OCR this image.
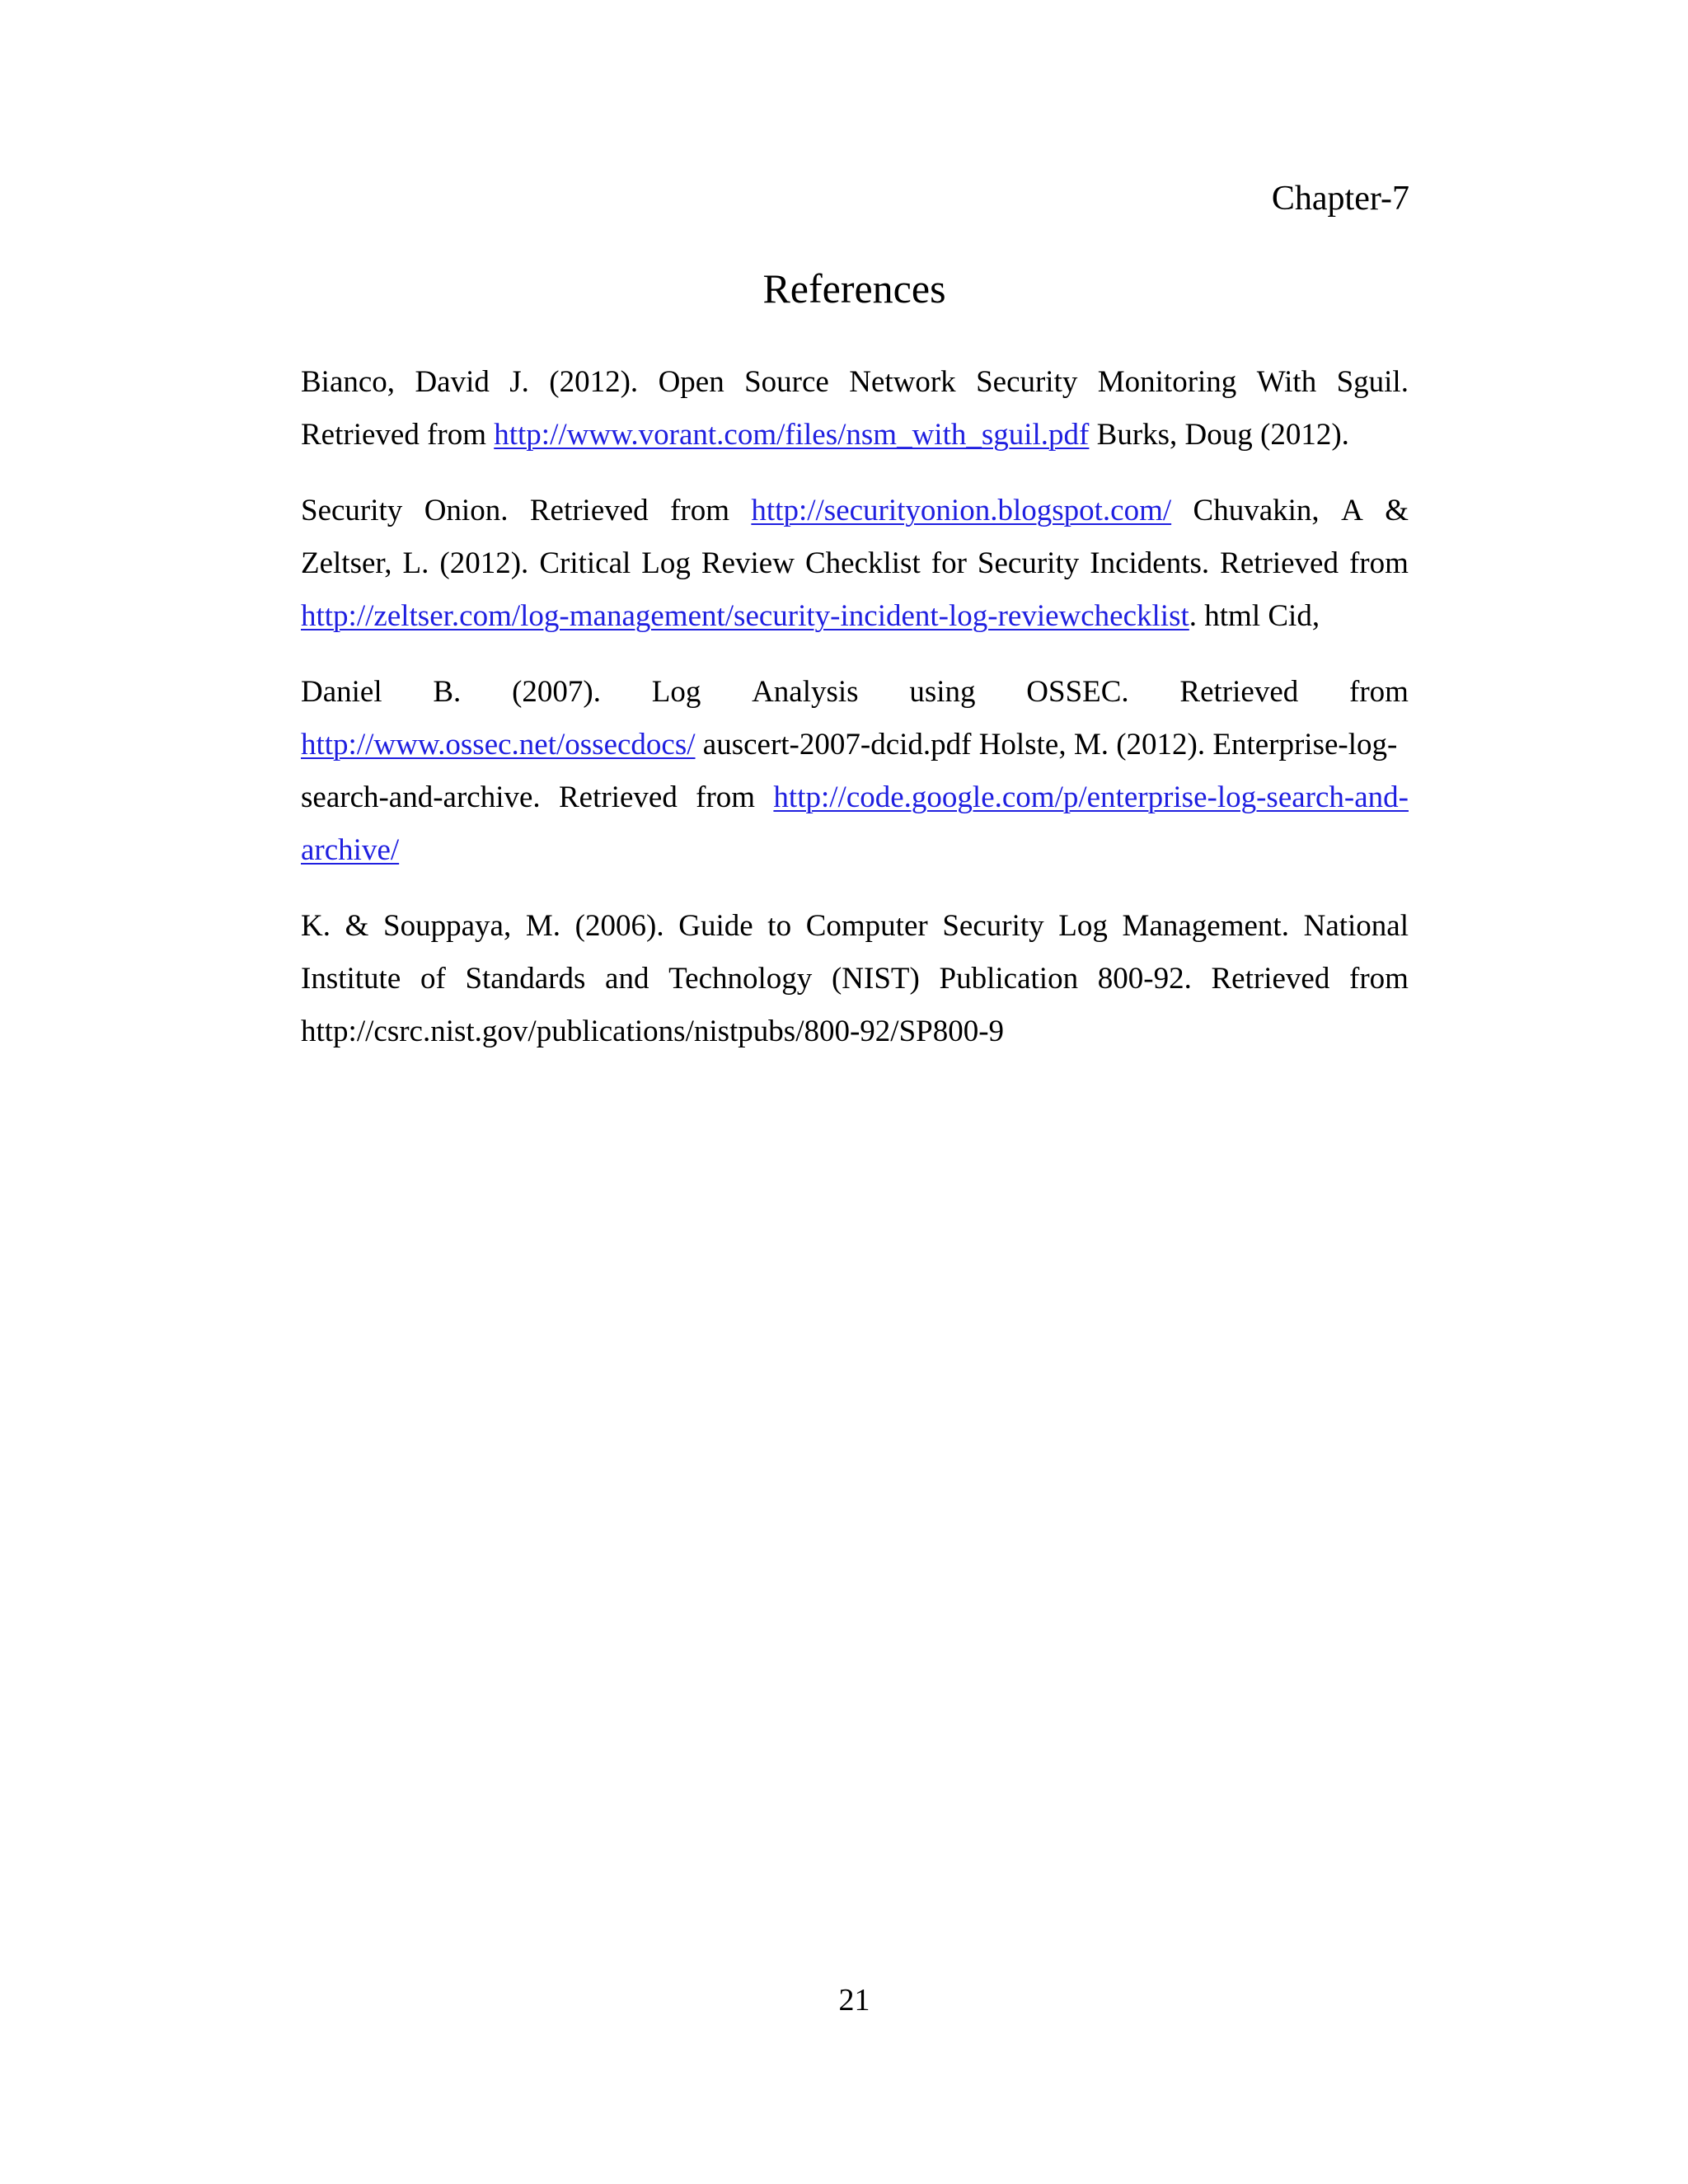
Chapter-7
References
Bianco, David J. (2012). Open Source Network Security Monitoring With Sguil.
Retrieved from http://www.vorant.com/files/nsm_with_sguil.pdf Burks, Doug (2012).
Security Onion. Retrieved from http://securityonion.blogspot.com/ Chuvakin, A &
Zeltser, L. (2012). Critical Log Review Checklist for Security Incidents. Retrieved from
http://zeltser.com/log-management/security-incident-log-reviewchecklist . html Cid,
Daniel B. (2007). Log Analysis using OSSEC. Retrieved from
http://www.ossec.net/ossecdocs/ auscert-2007-dcid.pdf Holste, M. (2012). Enterprise-log-
search-and-archive. Retrieved from http://code.google.com/p/enterprise-log-search-and-
archive/
K. & Souppaya, M. (2006). Guide to Computer Security Log Management. National
Institute of Standards and Technology (NIST) Publication 800-92. Retrieved from
http://csrc.nist.gov/publications/nistpubs/800-92/SP800-9
21
